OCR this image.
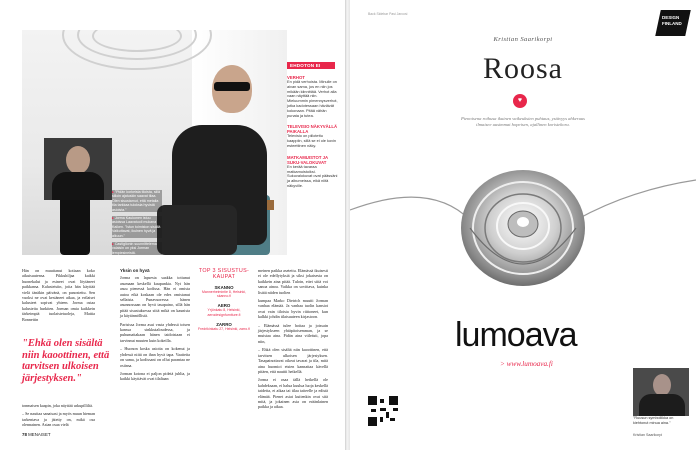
▸ "Pidän korkeista tiloista, sillä silloin ajatuskin saavat tilaa. Olen sisustamut, että metalla tila tarkkaa tuloksia hyvistä asioista."
▸ Jorma Kaukonen istuu asioissa Laavatuoli mukana Kaiken. "Istun toimiston sisällä Vaikuttavat, ikuinen hyvä ja alkuun."
▸ Castiglionin suunnittelema valaisin on yksi Jorman lempiesineistä.
EHDOTON EI
VERHOT
En pidä verhoista. Minulle on aivan sama, jos en niin jos mikään kiinnittää. Verhot alla vaan näyttää niin. Mieluummin pimennysverhot, jotka kadotessaan häviävät kokonaan. Pitää vähän punata ja tutea.
TELEVISIO NÄKYVÄLLÄ PAIKALLA
Televisio on piilotettu kaappiin, sillä se ei ole kovin esteettinen näky.
MATKAMUISTOT JA SUKU-VALOKUVAT
En kerää tavaraa matkamuistoiksi. Sukuvalokuvat ovat päässäni ja albumeissa, eikä niitä näkyville.

Hän on muuttanut kotiaan koko aikuisuutensa. Pikkuhiljaa kaikki huonekalut ja esineet ovat löytäneet paikkansa. Kalusteisiin, joita hän käyttää vielä tänäkin päivänä, on panostettu. Sen vuoksi ne ovat kestäneet aikaa, ja erilaiset kalusteet sopivat yhteen. Jorma ostaa kalusteita harkiten. Jorman omia kaikkein tärkeimpiä tuolaistetuoleja, Mattia Bonnettin

"Ehkä olen sisältä niin kaoottinen, että tarvitsen ulkoisen järjestyksen."

tonmaisen kaapin, joka näyttää urkupilliltä.

– Se nauttaa sanaisasi ja myös muun hieman tarkentava ja jätetty on, mikä osa olennainen. Asian osaa vielä

Yksin on hyvä

Jorma on lapsesta saakka tottunut asumaan keskellä kaupunkia. Nyt hän asuu pienessä kodissa. Hän ei omista autoa eikä koskaan ole edes omistanut sellaista. Punavuoressa hänen asunnossaan on hyvä tasapaino, sillä hän pitää sisustuksessa siitä mikä on kaunista ja käytännöllistä.

Parisissa Jorma asui vasta yhdessä toisen kanssa sinkkutaloudessa, ja puhumattakaan hänen taidoistaan ei tarvinnut muuten kuin kokeilla.

– Huonon koska asioita on kokenut ja yhdessä niitä on ihan hyvä tapa. Vaatteita on sama, ja kodissani on ollut parantaa ne osiinsa.

Jorman kotona ei paljon pidetä juhlia, ja kaikki käyttävät ovat tilaltaan

TOP 3 SISUSTUS-KAUPAT
SKANNO
Mannerheimintie 8, Helsinki, skanno.fi
AERO
Yrjönkatu 8, Helsinki, aerodesignfurniture.fi
ZARRO
Fredrikinkatu 27, Helsinki, zarro.fi

meinen paikka asetettu. Elämässä ikuisesti ei ole edellytyksiä ja siksi jokaisesta on kaikkein aina pitää. Tuloin, ettei siitä voi sanoa ainoa. Vaikka on sovittava, kuinka lisätä niiden tuolien

kumpaa Marko Dietrich muutti Jorman vanhaa elämää. Ja vanhaa tuolin kansiot ovat vain tiloista hyvin riittoneet, kun kalkki johdin tilaisuuteen kirjastoon.

– Elämässä tulee hoitaa ja joissain järjestykseen yhtäpitoisemman, ja se muistaa aina. Pidän aina viileästi, jopa niin,

– Ehkä olen sisältä niin kaoottinen, että tarvitsen ulkoisen järjestyksen. Tasapainottavat oikeat tavarat ja tila, mitä aina huomioi etsien kannattaa kävellä pitäen, että nauttii hetkellä.

Jorma ei osaa tällä hetkellä ole kahdeksaan, ei halua kuulua luoja keskellä taidetta, ei aikaa tai tilaa taiteelle ja edistä elämää. Pienet asiat kuitenkin ovat sitä mitä, ja jokainen asia on eräänlainen paikka ja aikaa.

78 MENAISET
Back Sidebar Pasi Jarcosi
DESIGN
FINLAND
Kristian Saarikorpi
Roosa
♥
Pienoisena roihusa ikuinen vaikeuksien puhtaus, ystävyys ahkeruus ilmaisee uusimmat hopeisen, ajallinen koristekoru.
lumoava
> www.lumoava.fi
"Ruusun symboliikka on kiehtonut minua aina."
Kristian Saarikorpi
